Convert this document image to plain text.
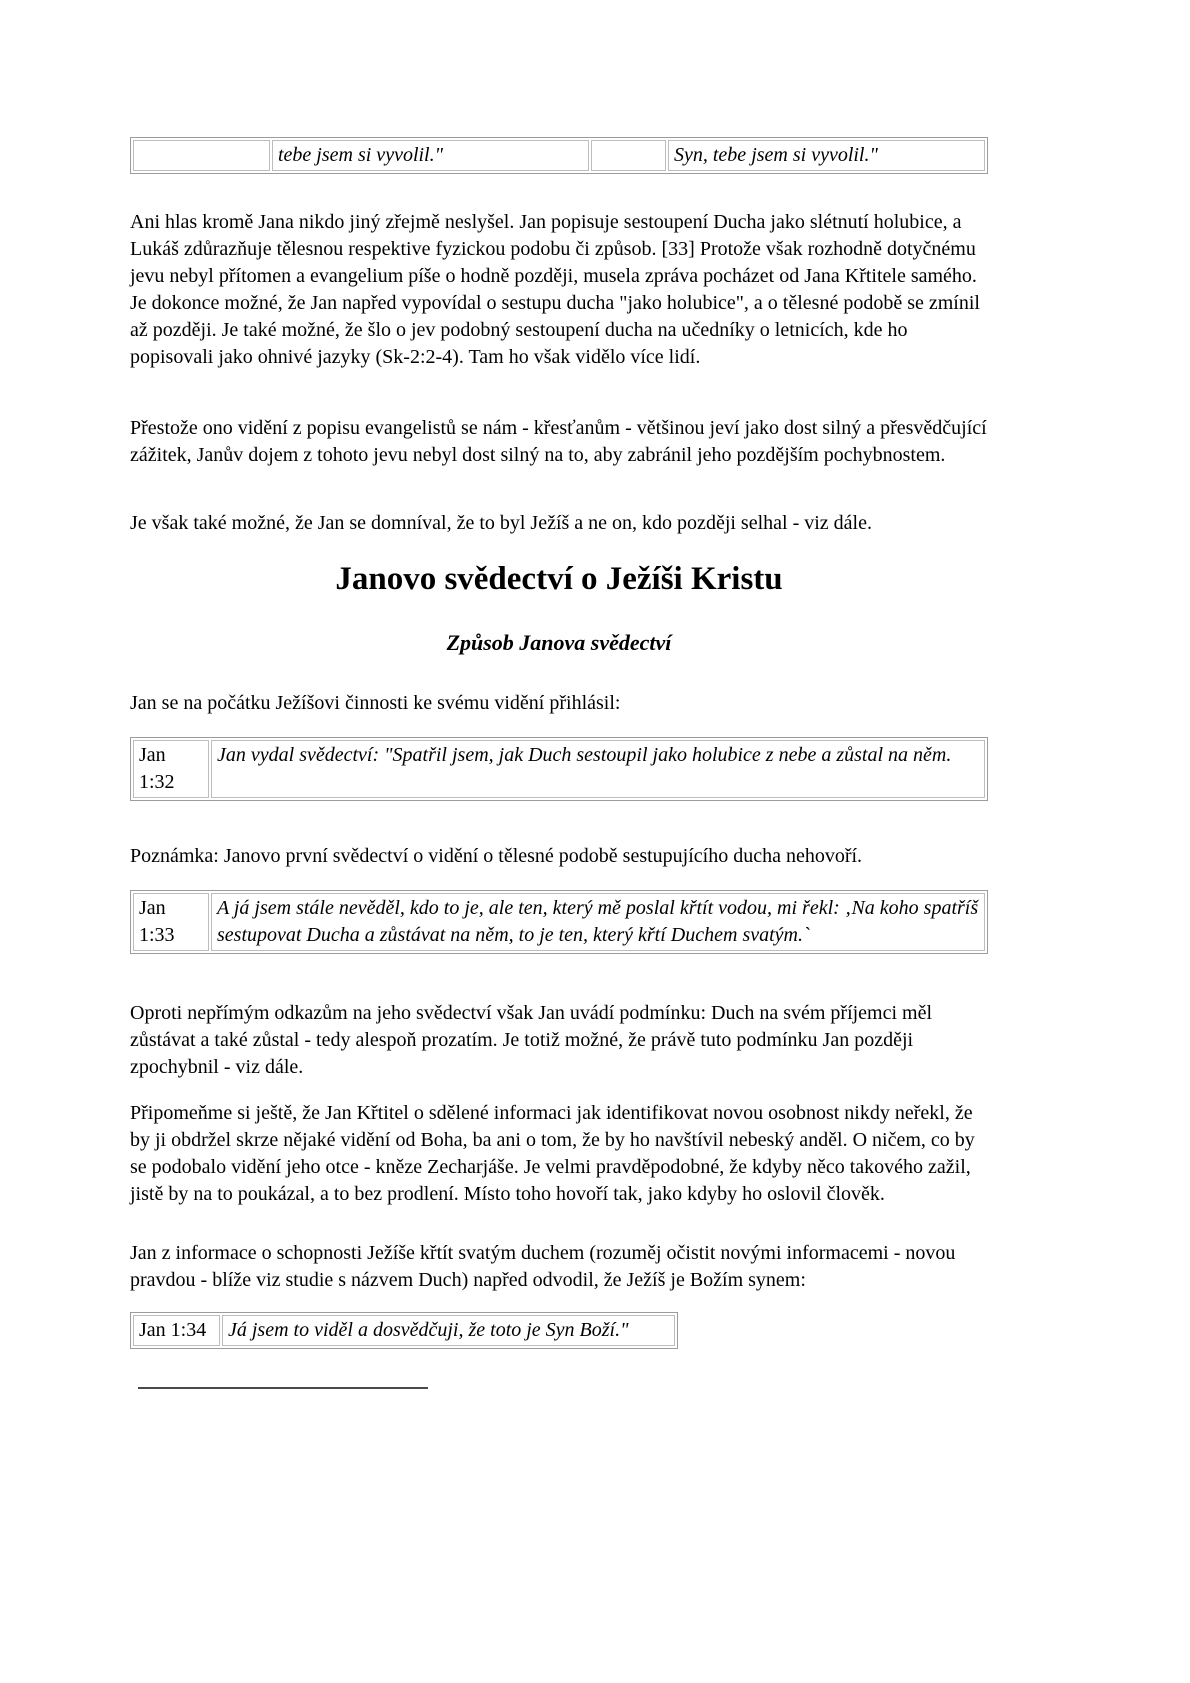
	tebe jsem si vyvolil."		Syn, tebe jsem si vyvolil."

Ani hlas kromě Jana nikdo jiný zřejmě neslyšel. Jan popisuje sestoupení Ducha jako slétnutí holubice, a Lukáš zdůrazňuje tělesnou respektive fyzickou podobu či způsob. [33] Protože však rozhodně dotyčnému jevu nebyl přítomen a evangelium píše o hodně později, musela zpráva pocházet od Jana Křtitele samého. Je dokonce možné, že Jan napřed vypovídal o sestupu ducha "jako holubice", a o tělesné podobě se zmínil až později. Je také možné, že šlo o jev podobný sestoupení ducha na učedníky o letnicích, kde ho popisovali jako ohnivé jazyky (Sk-2:2-4). Tam ho však vidělo více lidí.

Přestože ono vidění z popisu evangelistů se nám - křesťanům - většinou jeví jako dost silný a přesvědčující zážitek, Janův dojem z tohoto jevu nebyl dost silný na to, aby zabránil jeho pozdějším pochybnostem.

Je však také možné, že Jan se domníval, že to byl Ježíš a ne on, kdo později selhal - viz dále.

Janovo svědectví o Ježíši Kristu
Způsob Janova svědectví

Jan se na počátku Ježíšovi činnosti ke svému vidění přihlásil:

Jan 1:32	Jan vydal svědectví: "Spatřil jsem, jak Duch sestoupil jako holubice z nebe a zůstal na něm.

Poznámka: Janovo první svědectví o vidění o tělesné podobě sestupujícího ducha nehovoří.

Jan 1:33	A já jsem stále nevěděl, kdo to je, ale ten, který mě poslal křtít vodou, mi řekl: ‚Na koho spatříš sestupovat Ducha a zůstávat na něm, to je ten, který křtí Duchem svatým.`

Oproti nepřímým odkazům na jeho svědectví však Jan uvádí podmínku: Duch na svém příjemci měl zůstávat a také zůstal - tedy alespoň prozatím. Je totiž možné, že právě tuto podmínku Jan později zpochybnil - viz dále.

Připomeňme si ještě, že Jan Křtitel o sdělené informaci jak identifikovat novou osobnost nikdy neřekl, že by ji obdržel skrze nějaké vidění od Boha, ba ani o tom, že by ho navštívil nebeský anděl. O ničem, co by se podobalo vidění jeho otce - kněze Zecharjáše. Je velmi pravděpodobné, že kdyby něco takového zažil, jistě by na to poukázal, a to bez prodlení. Místo toho hovoří tak, jako kdyby ho oslovil člověk.

Jan z informace o schopnosti Ježíše křtít svatým duchem (rozuměj očistit novými informacemi - novou pravdou - blíže viz studie s názvem Duch) napřed odvodil, že Ježíš je Božím synem:

Jan 1:34	Já jsem to viděl a dosvědčuji, že toto je Syn Boží."
